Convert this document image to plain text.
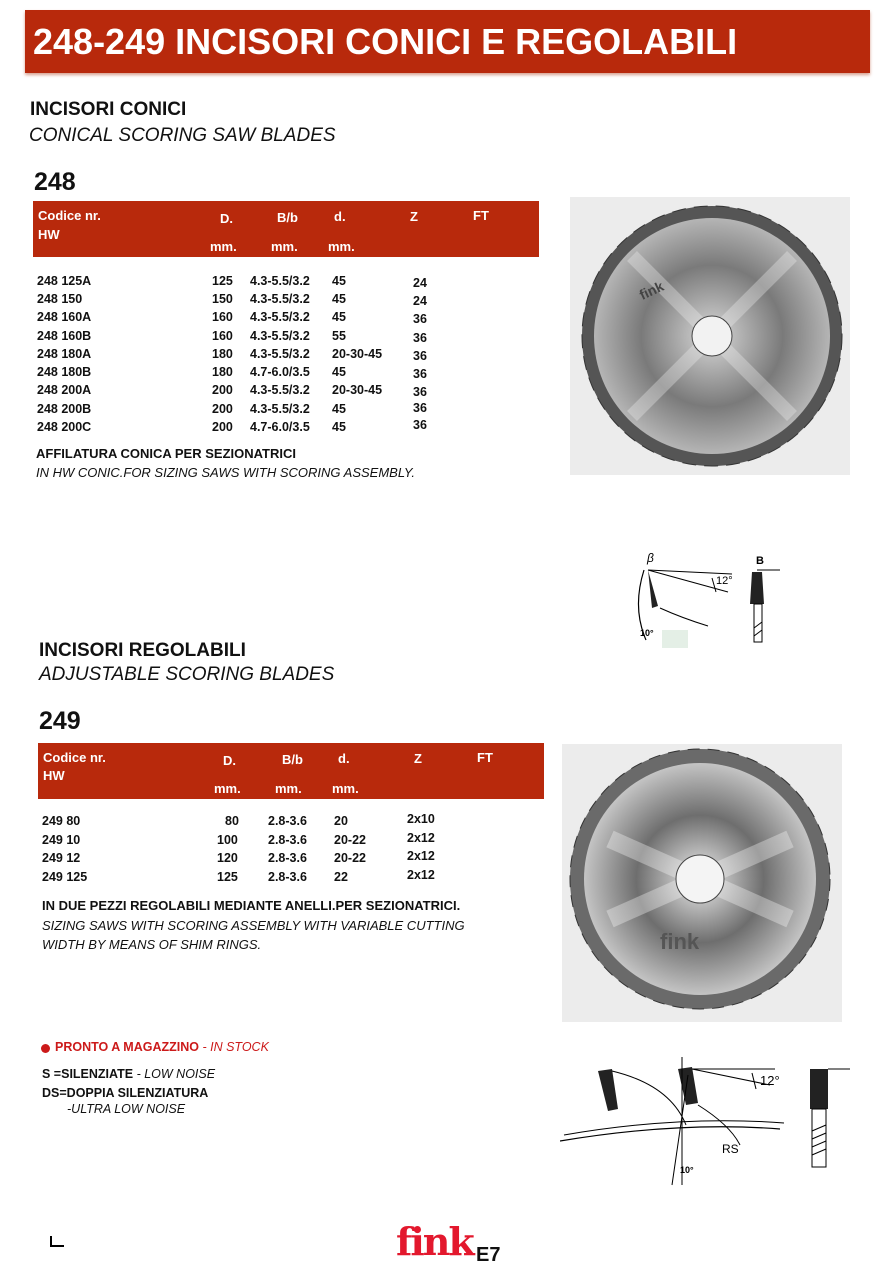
248-249 INCISORI CONICI E REGOLABILI
INCISORI CONICI
CONICAL SCORING SAW BLADES
248
Codice nr.
HW
D.	B/b	d.	Z	FT
mm.	mm. mm.
248 125A	125 4.3-5.5/3.2 45	24
248 150	150 4.3-5.5/3.2 45	24
248 160A	160 4.3-5.5/3.2 45	36
248 160B	160 4.3-5.5/3.2 55	36
248 180A	180 4.3-5.5/3.2 20-30-45 36
248 180B	180 4.7-6.0/3.5 45	36
248 200A	200 4.3-5.5/3.2 20-30-45 36
248 200B	200 4.3-5.5/3.2 45	36
248 200C	200 4.7-6.0/3.5 45	36
AFFILATURA CONICA PER SEZIONATRICI
IN HW CONIC.FOR SIZING SAWS WITH SCORING ASSEMBLY.
fink
β
12°
B
10°
INCISORI REGOLABILI
ADJUSTABLE SCORING BLADES
249
Codice nr.
HW
D.	B/b	d.	Z	FT
mm.	mm. mm.
249 80	80 2.8-3.6 20	2x10
249 10	100 2.8-3.6 20-22	2x12
249 12	120 2.8-3.6 20-22	2x12
249 125	125 2.8-3.6 22	2x12
IN DUE PEZZI REGOLABILI MEDIANTE ANELLI.PER SEZIONATRICI.
SIZING SAWS WITH SCORING ASSEMBLY WITH VARIABLE CUTTING
WIDTH BY MEANS OF SHIM RINGS.	fink
PRONTO A MAGAZZINO - IN STOCK
S =SILENZIATE - LOW NOISE
DS=DOPPIA SILENZIATURA
-ULTRA LOW NOISE
12°
RS
10°
fink E7
